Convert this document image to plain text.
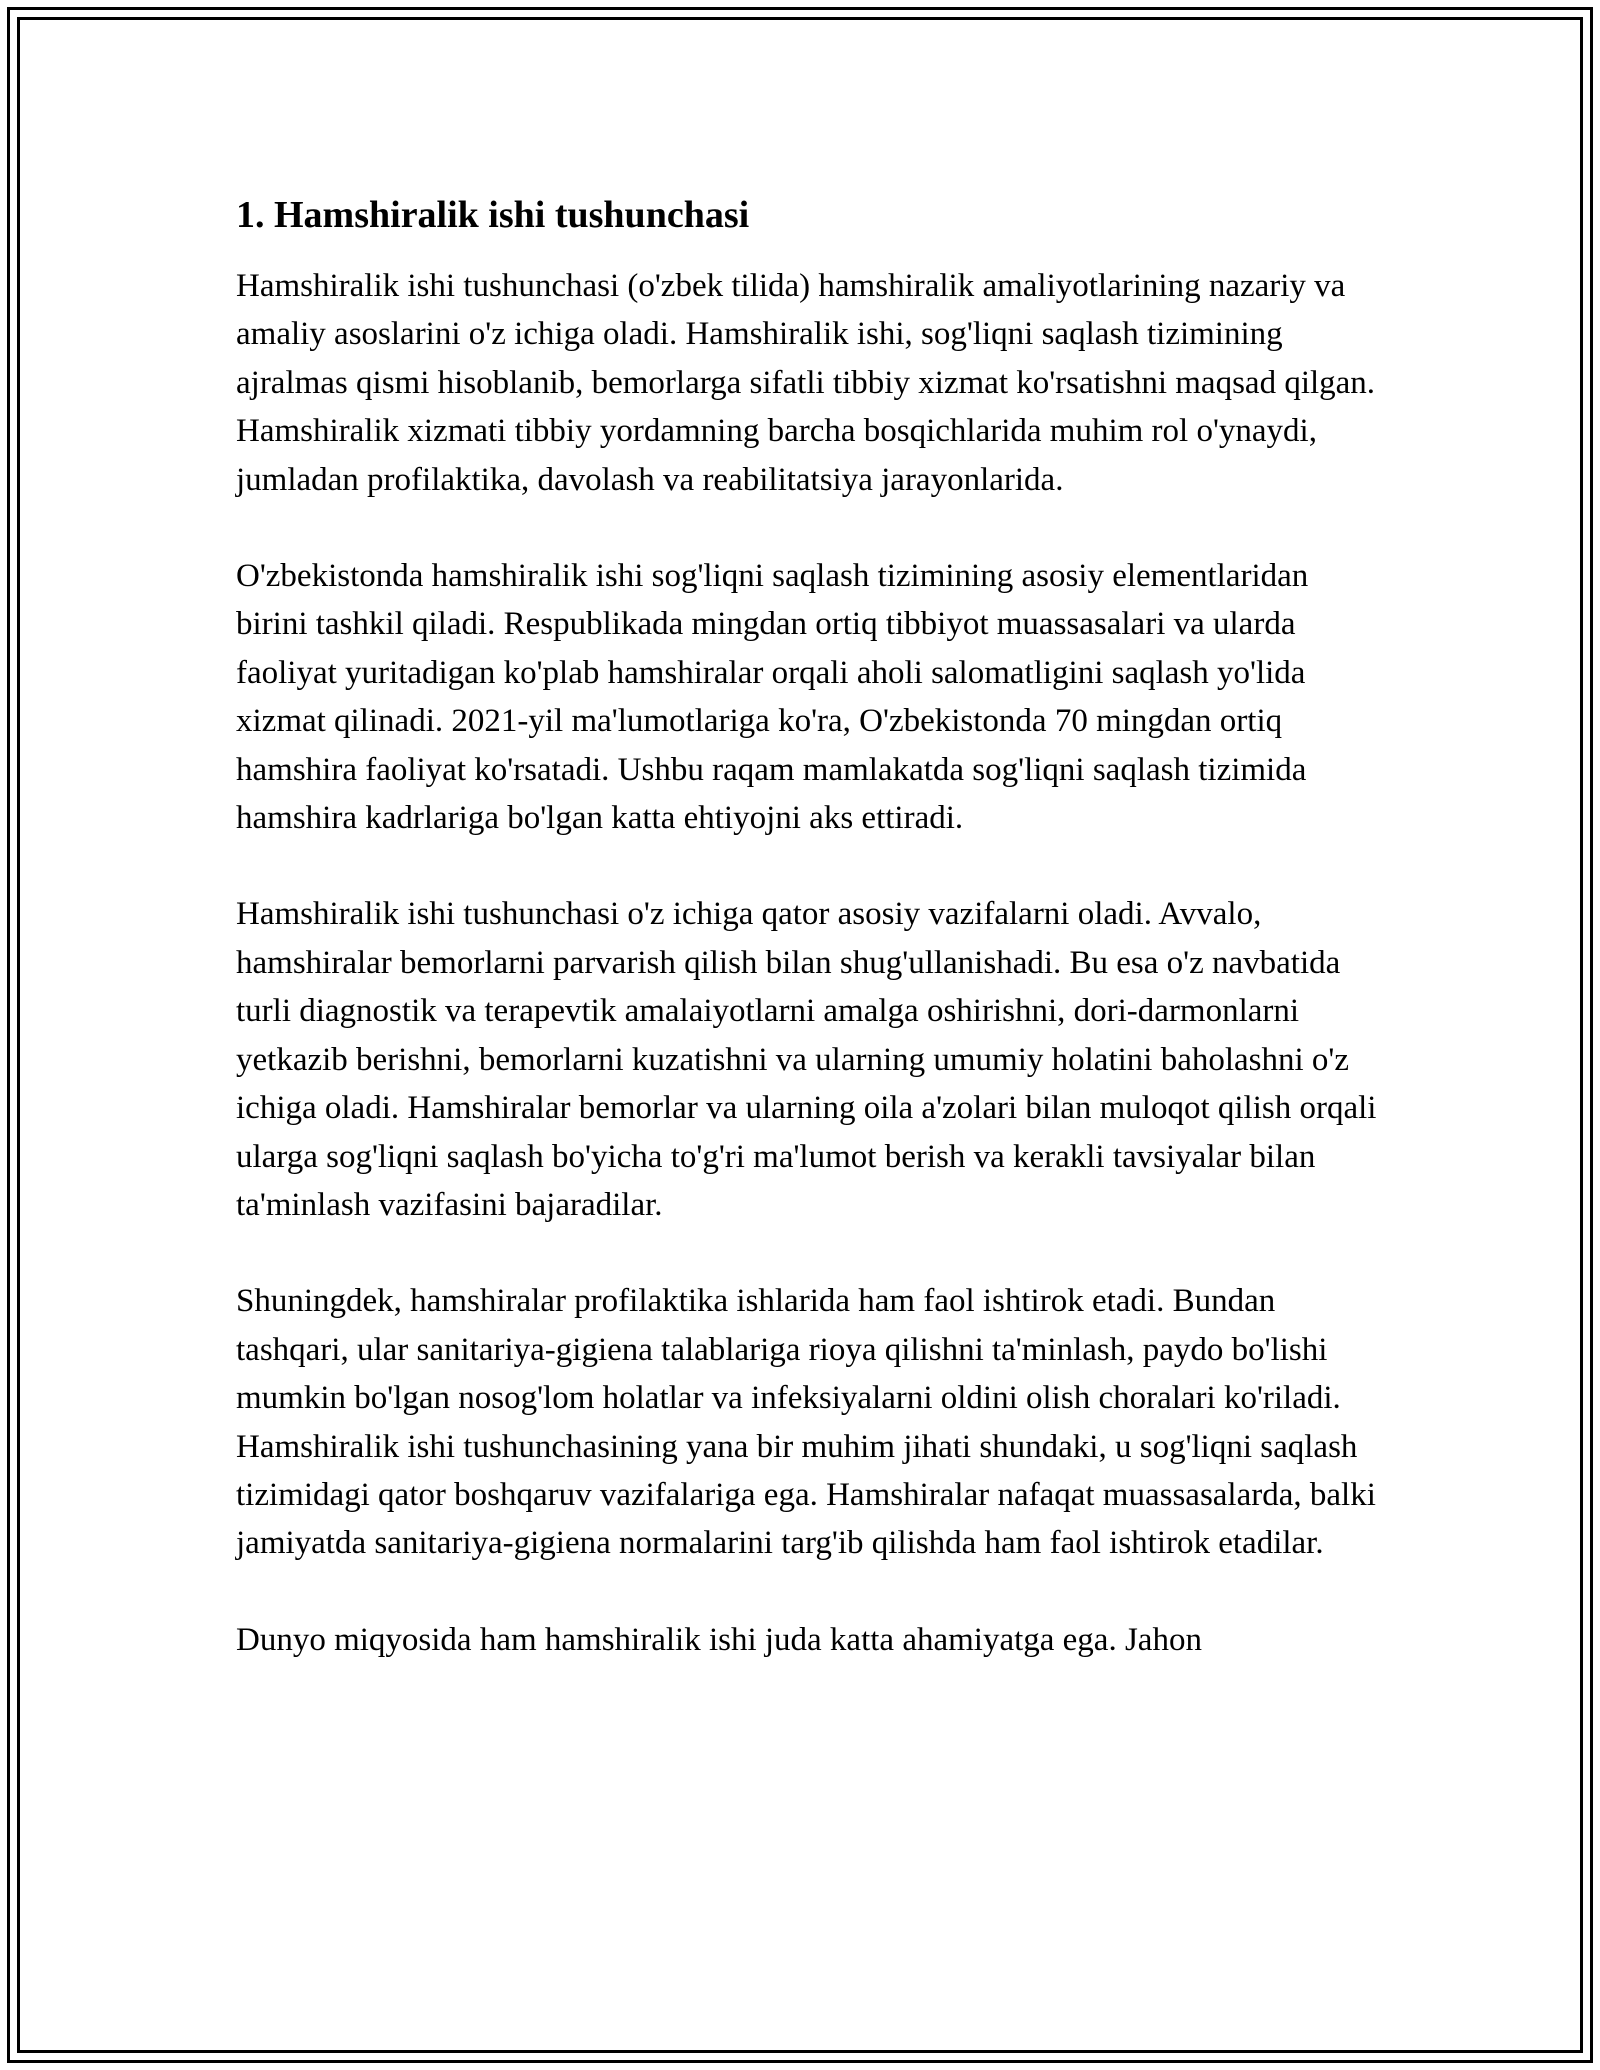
1. Hamshiralik ishi tushunchasi

Hamshiralik ishi tushunchasi (o'zbek tilida) hamshiralik amaliyotlarining nazariy va amaliy asoslarini o'z ichiga oladi. Hamshiralik ishi, sog'liqni saqlash tizimining ajralmas qismi hisoblanib, bemorlarga sifatli tibbiy xizmat ko'rsatishni maqsad qilgan. Hamshiralik xizmati tibbiy yordamning barcha bosqichlarida muhim rol o'ynaydi, jumladan profilaktika, davolash va reabilitatsiya jarayonlarida.

O'zbekistonda hamshiralik ishi sog'liqni saqlash tizimining asosiy elementlaridan birini tashkil qiladi. Respublikada mingdan ortiq tibbiyot muassasalari va ularda faoliyat yuritadigan ko'plab hamshiralar orqali aholi salomatligini saqlash yo'lida xizmat qilinadi. 2021-yil ma'lumotlariga ko'ra, O'zbekistonda 70 mingdan ortiq hamshira faoliyat ko'rsatadi. Ushbu raqam mamlakatda sog'liqni saqlash tizimida hamshira kadrlariga bo'lgan katta ehtiyojni aks ettiradi.

Hamshiralik ishi tushunchasi o'z ichiga qator asosiy vazifalarni oladi. Avvalo, hamshiralar bemorlarni parvarish qilish bilan shug'ullanishadi. Bu esa o'z navbatida turli diagnostik va terapevtik amalaiyotlarni amalga oshirishni, dori-darmonlarni yetkazib berishni, bemorlarni kuzatishni va ularning umumiy holatini baholashni o'z ichiga oladi. Hamshiralar bemorlar va ularning oila a'zolari bilan muloqot qilish orqali ularga sog'liqni saqlash bo'yicha to'g'ri ma'lumot berish va kerakli tavsiyalar bilan ta'minlash vazifasini bajaradilar.

Shuningdek, hamshiralar profilaktika ishlarida ham faol ishtirok etadi. Bundan tashqari, ular sanitariya-gigiena talablariga rioya qilishni ta'minlash, paydo bo'lishi mumkin bo'lgan nosog'lom holatlar va infeksiyalarni oldini olish choralari ko'riladi. Hamshiralik ishi tushunchasining yana bir muhim jihati shundaki, u sog'liqni saqlash tizimidagi qator boshqaruv vazifalariga ega. Hamshiralar nafaqat muassasalarda, balki jamiyatda sanitariya-gigiena normalarini targ'ib qilishda ham faol ishtirok etadilar.

Dunyo miqyosida ham hamshiralik ishi juda katta ahamiyatga ega. Jahon
